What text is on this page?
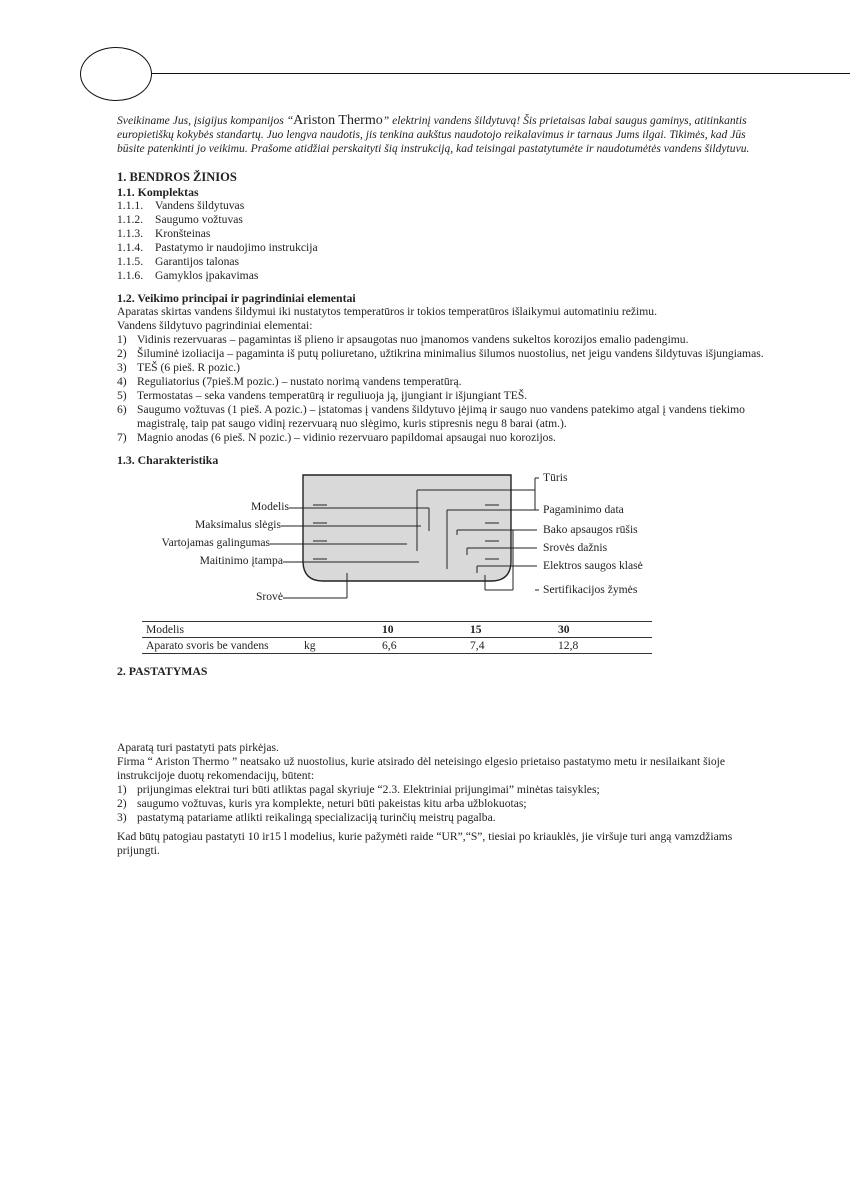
Sveikiname Jus, įsigijus kompanijos “Ariston Thermo” elektrinį vandens šildytuvą! Šis prietaisas labai saugus gaminys, atitinkantis europietiškų kokybės standartų. Juo lengva naudotis, jis tenkina aukštus naudotojo reikalavimus ir tarnaus Jums ilgai. Tikimės, kad Jūs būsite patenkinti jo veikimu. Prašome atidžiai perskaityti šią instrukciją, kad teisingai pastatytumėte ir naudotumėtės vandens šildytuvu.

1. BENDROS ŽINIOS
1.1. Komplektas
1.1.1.	Vandens šildytuvas
1.1.2.	Saugumo vožtuvas
1.1.3.	Kronšteinas
1.1.4.	Pastatymo ir naudojimo instrukcija
1.1.5.	Garantijos talonas
1.1.6.	Gamyklos įpakavimas
1.2. Veikimo principai ir pagrindiniai elementai

Aparatas skirtas vandens šildymui iki nustatytos temperatūros ir tokios temperatūros išlaikymui automatiniu režimu.

Vandens šildytuvo pagrindiniai elementai:

1) Vidinis rezervuaras – pagamintas iš plieno ir apsaugotas nuo įmanomos vandens sukeltos korozijos emalio padengimu.
2) Šiluminė izoliacija – pagaminta iš putų poliuretano, užtikrina minimalius šilumos nuostolius, net jeigu vandens šildytuvas išjungiamas.
3) TEŠ (6 pieš. R pozic.)
4) Reguliatorius (7pieš.M pozic.) – nustato norimą vandens temperatūrą.
5) Termostatas – seka vandens temperatūrą ir reguliuoja ją, įjungiant ir išjungiant TEŠ.
6) Saugumo vožtuvas (1 pieš. A pozic.) – įstatomas į vandens šildytuvo įėjimą ir saugo nuo vandens patekimo atgal į vandens tiekimo magistralę, taip pat saugo vidinį rezervuarą nuo slėgimo, kuris stipresnis negu 8 barai (atm.).
7) Magnio anodas (6 pieš. N pozic.) – vidinio rezervuaro papildomai apsaugai nuo korozijos.
1.3. Charakteristika
Modelis
Maksimalus slėgis
Vartojamas galingumas
Maitinimo įtampa
Srovė
Tūris
Pagaminimo data
Bako apsaugos rūšis
Srovės dažnis
Elektros saugos klasė
Sertifikacijos žymės
Modelis		10	15	30
Aparato svoris be vandens	kg	6,6	7,4	12,8
2. PASTATYMAS

Aparatą turi pastatyti pats pirkėjas.

Firma “ Ariston Thermo ” neatsako už nuostolius, kurie atsirado dėl neteisingo elgesio prietaiso pastatymo metu ir nesilaikant šioje instrukcijoje duotų rekomendacijų, būtent:

1) prijungimas elektrai turi būti atliktas pagal skyriuje “2.3. Elektriniai prijungimai” minėtas taisykles;
2) saugumo vožtuvas, kuris yra komplekte, neturi būti pakeistas kitu arba užblokuotas;
3) pastatymą patariame atlikti reikalingą specializaciją turinčių meistrų pagalba.

Kad būtų patogiau pastatyti 10 ir15 l modelius, kurie pažymėti raide “UR”,“S”, tiesiai po kriauklės, jie viršuje turi angą vamzdžiams prijungti.
